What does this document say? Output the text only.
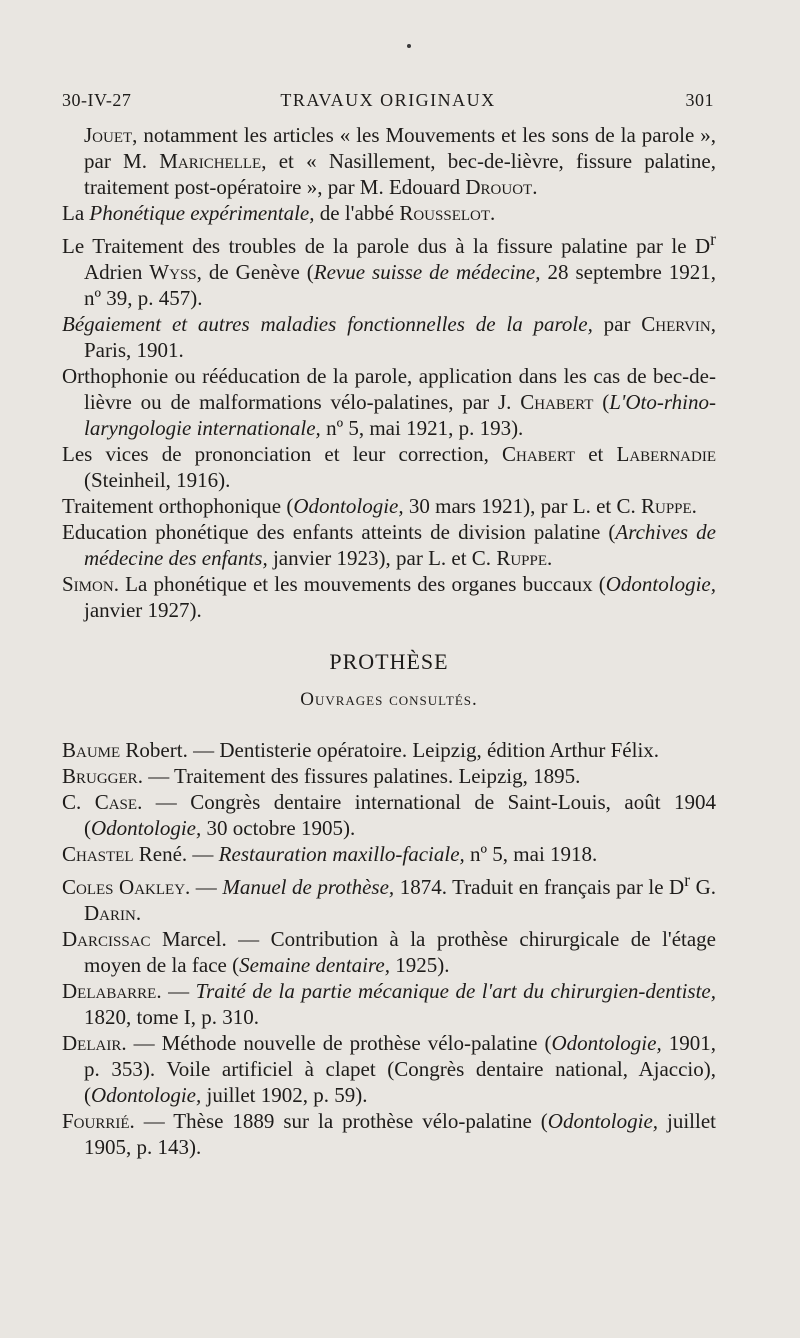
TRAVAUX ORIGINAUX
30-IV-27	301

Jouet, notamment les articles « les Mouvements et les sons de la parole », par M. Marichelle, et « Nasillement, bec-de-lièvre, fissure palatine, traitement post-opératoire », par M. Edouard Drouot.

La Phonétique expérimentale, de l'abbé Rousselot.

Le Traitement des troubles de la parole dus à la fissure palatine par le $D^r$ Adrien Wyss, de Genève (Revue suisse de médecine, 28 septembre 1921, nº 39, p. 457).

Bégaiement et autres maladies fonctionnelles de la parole, par Chervin, Paris, 1901.

Orthophonie ou rééducation de la parole, application dans les cas de bec-de-lièvre ou de malformations vélo-palatines, par J. Chabert (L'Oto-rhino-laryngologie internationale, nº 5, mai 1921, p. 193).

Les vices de prononciation et leur correction, Chabert et Labernadie (Steinheil, 1916).

Traitement orthophonique (Odontologie, 30 mars 1921), par L. et C. Ruppe.

Education phonétique des enfants atteints de division palatine (Archives de médecine des enfants, janvier 1923), par L. et C. Ruppe.

Simon. La phonétique et les mouvements des organes buccaux (Odontologie, janvier 1927).

PROTHÈSE
Ouvrages consultés.

Baume Robert. — Dentisterie opératoire. Leipzig, édition Arthur Félix.

Brugger. — Traitement des fissures palatines. Leipzig, 1895.

C. Case. — Congrès dentaire international de Saint-Louis, août 1904 (Odontologie, 30 octobre 1905).

Chastel René. — Restauration maxillo-faciale, nº 5, mai 1918.

Coles Oakley. — Manuel de prothèse, 1874. Traduit en français par le $D^r$ G. Darin.

Darcissac Marcel. — Contribution à la prothèse chirurgicale de l'étage moyen de la face (Semaine dentaire, 1925).

Delabarre. — Traité de la partie mécanique de l'art du chirurgien-dentiste, 1820, tome I, p. 310.

Delair. — Méthode nouvelle de prothèse vélo-palatine (Odontologie, 1901, p. 353). Voile artificiel à clapet (Congrès dentaire national, Ajaccio), (Odontologie, juillet 1902, p. 59).

Fourrié. — Thèse 1889 sur la prothèse vélo-palatine (Odontologie, juillet 1905, p. 143).
